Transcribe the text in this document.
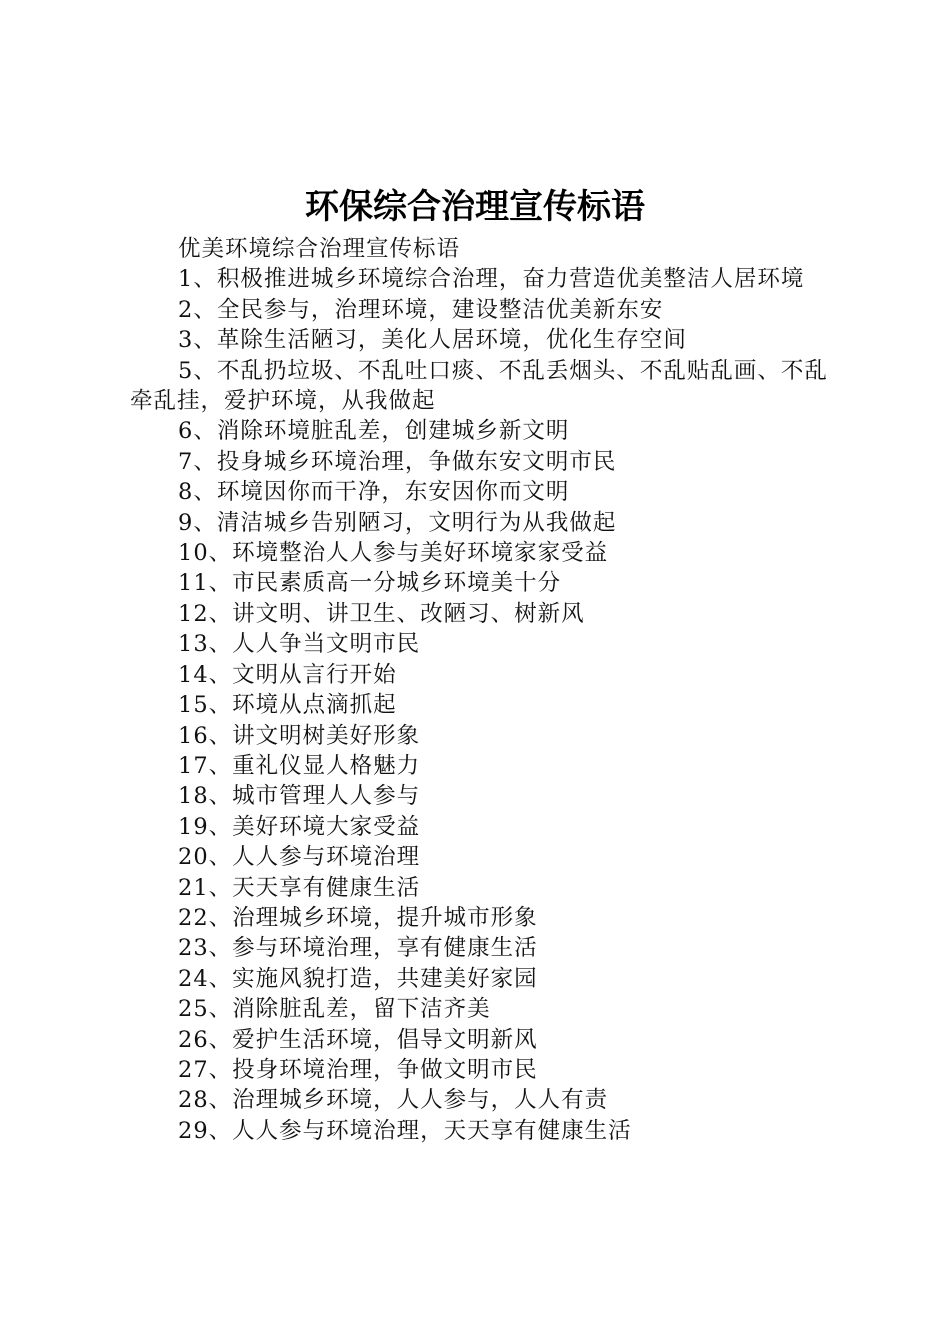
环保综合治理宣传标语

优美环境综合治理宣传标语

1、积极推进城乡环境综合治理，奋力营造优美整洁人居环境

2、全民参与，治理环境，建设整洁优美新东安

3、革除生活陋习，美化人居环境，优化生存空间

5、不乱扔垃圾、不乱吐口痰、不乱丢烟头、不乱贴乱画、不乱牵乱挂，爱护环境，从我做起

6、消除环境脏乱差，创建城乡新文明

7、投身城乡环境治理，争做东安文明市民

8、环境因你而干净，东安因你而文明

9、清洁城乡告别陋习，文明行为从我做起

10、环境整治人人参与美好环境家家受益

11、市民素质高一分城乡环境美十分

12、讲文明、讲卫生、改陋习、树新风

13、人人争当文明市民

14、文明从言行开始

15、环境从点滴抓起

16、讲文明树美好形象

17、重礼仪显人格魅力

18、城市管理人人参与

19、美好环境大家受益

20、人人参与环境治理

21、天天享有健康生活

22、治理城乡环境，提升城市形象

23、参与环境治理，享有健康生活

24、实施风貌打造，共建美好家园

25、消除脏乱差，留下洁齐美

26、爱护生活环境，倡导文明新风

27、投身环境治理，争做文明市民

28、治理城乡环境，人人参与，人人有责

29、人人参与环境治理，天天享有健康生活
